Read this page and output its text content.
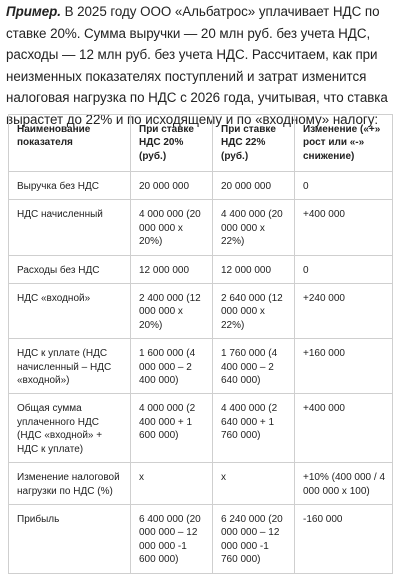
Пример. В 2025 году ООО «Альбатрос» уплачивает НДС по ставке 20%. Сумма выручки — 20 млн руб. без учета НДС, расходы — 12 млн руб. без учета НДС. Рассчитаем, как при неизменных показателях поступлений и затрат изменится налоговая нагрузка по НДС с 2026 года, учитывая, что ставка вырастет до 22% и по исходящему и по «входному» налогу:

Наименование показателя	При ставке НДС 20% (руб.)	При ставке НДС 22% (руб.)	Изменение («+» рост или «-» снижение)
Выручка без НДС	20 000 000	20 000 000	0
НДС начисленный	4 000 000 (20 000 000 х 20%)	4 400 000 (20 000 000 х 22%)	+400 000
Расходы без НДС	12 000 000	12 000 000	0
НДС «входной»	2 400 000 (12 000 000 х 20%)	2 640 000 (12 000 000 х 22%)	+240 000
НДС к уплате (НДС начисленный – НДС «входной»)	1 600 000 (4 000 000 – 2 400 000)	1 760 000 (4 400 000 – 2 640 000)	+160 000
Общая сумма уплаченного НДС (НДС «входной» + НДС к уплате)	4 000 000 (2 400 000 + 1 600 000)	4 400 000 (2 640 000 + 1 760 000)	+400 000
Изменение налоговой нагрузки по НДС (%)	х	х	+10% (400 000 / 4 000 000 х 100)
Прибыль	6 400 000 (20 000 000 – 12 000 000 -1 600 000)	6 240 000 (20 000 000 – 12 000 000 -1 760 000)	-160 000
